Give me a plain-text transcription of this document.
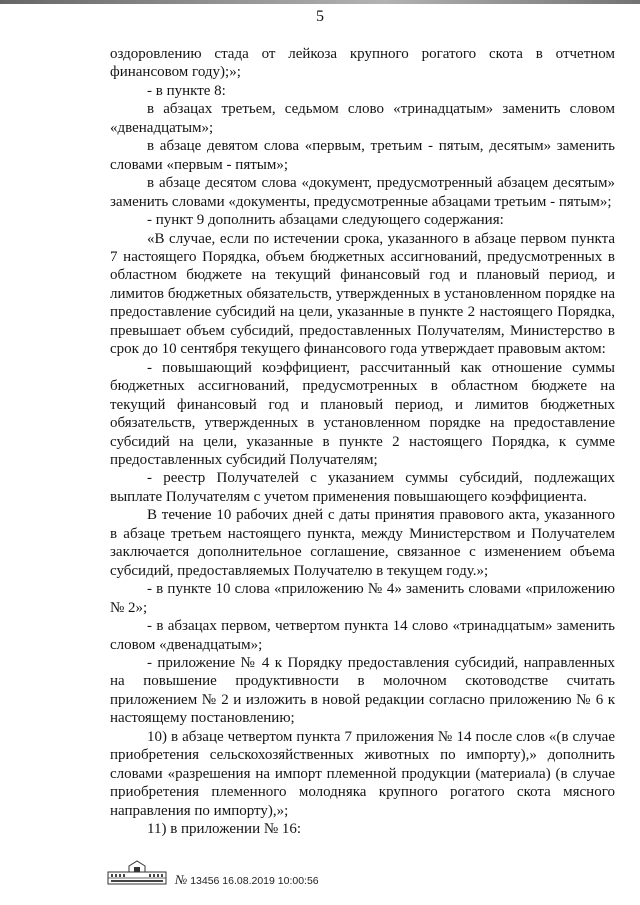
5

оздоровлению стада от лейкоза крупного рогатого скота в отчетном финансовом году);»;

- в пункте 8:

в абзацах третьем, седьмом слово «тринадцатым» заменить словом «двенадцатым»;

в абзаце девятом слова «первым, третьим - пятым, десятым» заменить словами «первым - пятым»;

в абзаце десятом слова «документ, предусмотренный абзацем десятым» заменить словами «документы, предусмотренные абзацами третьим - пятым»;

- пункт 9 дополнить абзацами следующего содержания:

«В случае, если по истечении срока, указанного в абзаце первом пункта 7 настоящего Порядка, объем бюджетных ассигнований, предусмотренных в областном бюджете на текущий финансовый год и плановый период, и лимитов бюджетных обязательств, утвержденных в установленном порядке на предоставление субсидий на цели, указанные в пункте 2 настоящего Порядка, превышает объем субсидий, предоставленных Получателям, Министерство в срок до 10 сентября текущего финансового года утверждает правовым актом:

- повышающий коэффициент, рассчитанный как отношение суммы бюджетных ассигнований, предусмотренных в областном бюджете на текущий финансовый год и плановый период, и лимитов бюджетных обязательств, утвержденных в установленном порядке на предоставление субсидий на цели, указанные в пункте 2 настоящего Порядка, к сумме предоставленных субсидий Получателям;

- реестр Получателей с указанием суммы субсидий, подлежащих выплате Получателям с учетом применения повышающего коэффициента.

В течение 10 рабочих дней с даты принятия правового акта, указанного в абзаце третьем настоящего пункта, между Министерством и Получателем заключается дополнительное соглашение, связанное с изменением объема субсидий, предоставляемых Получателю в текущем году.»;

- в пункте 10 слова «приложению № 4» заменить словами «приложению № 2»;

- в абзацах первом, четвертом пункта 14 слово «тринадцатым» заменить словом «двенадцатым»;

- приложение № 4 к Порядку предоставления субсидий, направленных на повышение продуктивности в молочном скотоводстве считать приложением № 2 и изложить в новой редакции согласно приложению № 6 к настоящему постановлению;

10) в абзаце четвертом пункта 7 приложения № 14 после слов «(в случае приобретения сельскохозяйственных животных по импорту),» дополнить словами «разрешения на импорт племенной продукции (материала) (в случае приобретения племенного молодняка крупного рогатого скота мясного направления по импорту),»;

11) в приложении № 16:

№ 13456 16.08.2019 10:00:56
